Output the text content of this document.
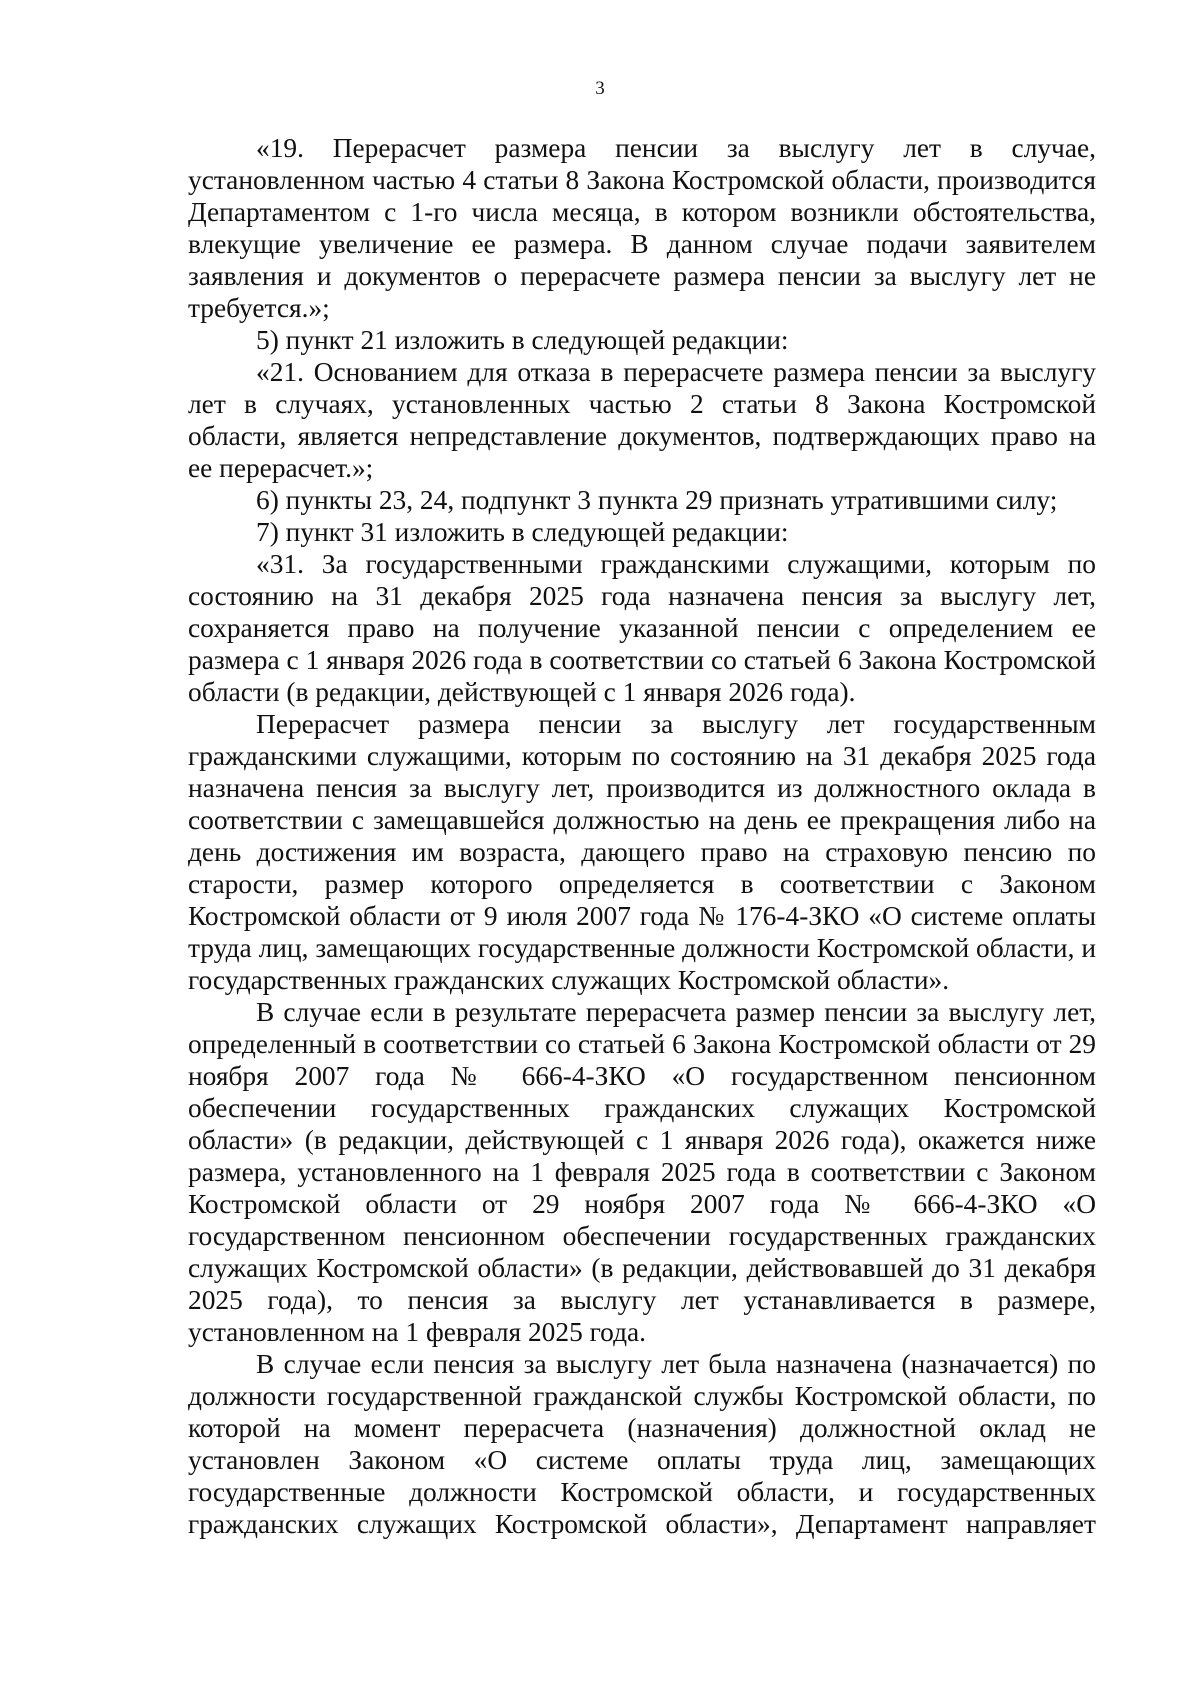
3

«19. Перерасчет размера пенсии за выслугу лет в случае, установленном частью 4 статьи 8 Закона Костромской области, производится Департаментом с 1-го числа месяца, в котором возникли обстоятельства, влекущие увеличение ее размера. В данном случае подачи заявителем заявления и документов о перерасчете размера пенсии за выслугу лет не требуется.»;

5) пункт 21 изложить в следующей редакции:

«21. Основанием для отказа в перерасчете размера пенсии за выслугу лет в случаях, установленных частью 2 статьи 8 Закона Костромской области, является непредставление документов, подтверждающих право на ее перерасчет.»;

6) пункты 23, 24, подпункт 3 пункта 29 признать утратившими силу;

7) пункт 31 изложить в следующей редакции:

«31. За государственными гражданскими служащими, которым по состоянию на 31 декабря 2025 года назначена пенсия за выслугу лет, сохраняется право на получение указанной пенсии с определением ее размера с 1 января 2026 года в соответствии со статьей 6 Закона Костромской области (в редакции, действующей с 1 января 2026 года).

Перерасчет размера пенсии за выслугу лет государственным гражданскими служащими, которым по состоянию на 31 декабря 2025 года назначена пенсия за выслугу лет, производится из должностного оклада в соответствии с замещавшейся должностью на день ее прекращения либо на день достижения им возраста, дающего право на страховую пенсию по старости, размер которого определяется в соответствии с Законом Костромской области от 9 июля 2007 года № 176-4-ЗКО «О системе оплаты труда лиц, замещающих государственные должности Костромской области, и государственных гражданских служащих Костромской области».

В случае если в результате перерасчета размер пенсии за выслугу лет, определенный в соответствии со статьей 6 Закона Костромской области от 29 ноября 2007 года № 666-4-ЗКО «О государственном пенсионном обеспечении государственных гражданских служащих Костромской области» (в редакции, действующей с 1 января 2026 года), окажется ниже размера, установленного на 1 февраля 2025 года в соответствии с Законом Костромской области от 29 ноября 2007 года № 666-4-ЗКО «О государственном пенсионном обеспечении государственных гражданских служащих Костромской области» (в редакции, действовавшей до 31 декабря 2025 года), то пенсия за выслугу лет устанавливается в размере, установленном на 1 февраля 2025 года.

В случае если пенсия за выслугу лет была назначена (назначается) по должности государственной гражданской службы Костромской области, по которой на момент перерасчета (назначения) должностной оклад не установлен Законом «О системе оплаты труда лиц, замещающих государственные должности Костромской области, и государственных гражданских служащих Костромской области», Департамент направляет
